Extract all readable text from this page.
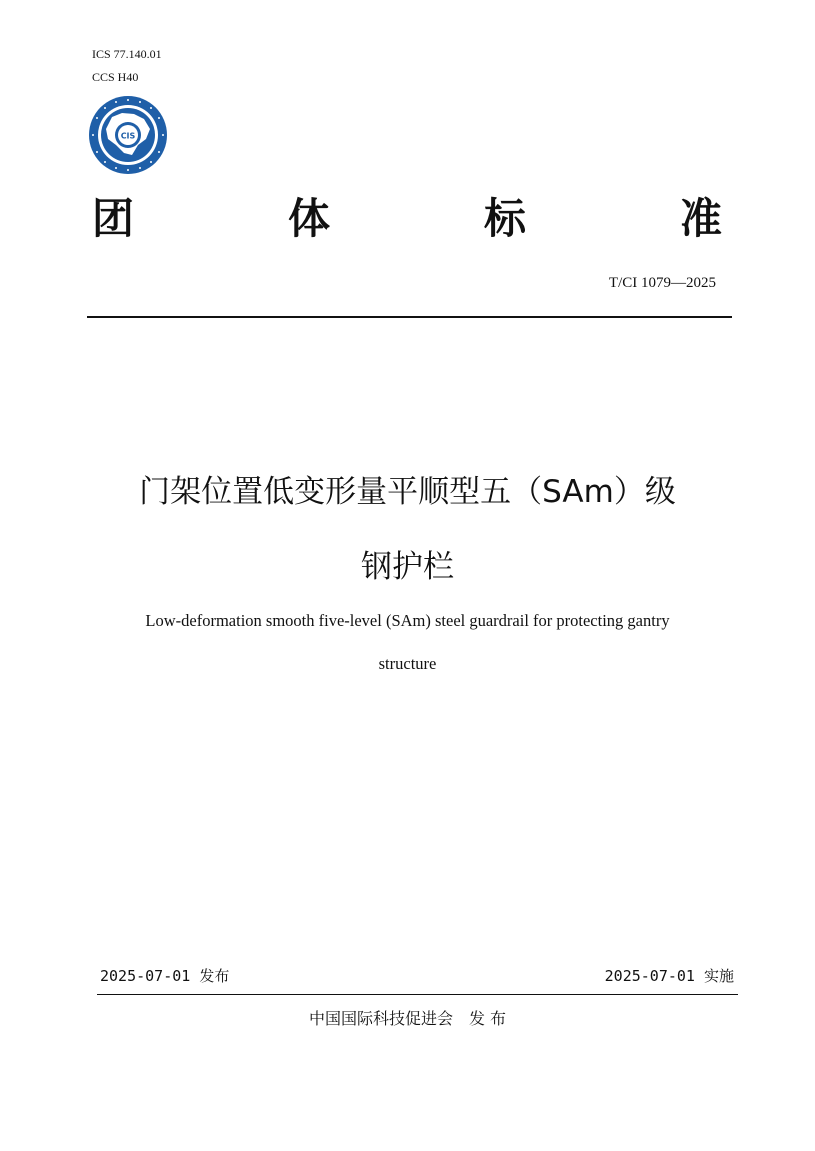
ICS 77.140.01
CCS H40
CIS
团	体	标	准
T/CI 1079—2025
门架位置低变形量平顺型五（SAm）级
钢护栏
Low-deformation smooth five-level (SAm) steel guardrail for protecting gantry
structure
2025-07-01 发布	2025-07-01 实施
中国国际科技促进会　发 布
